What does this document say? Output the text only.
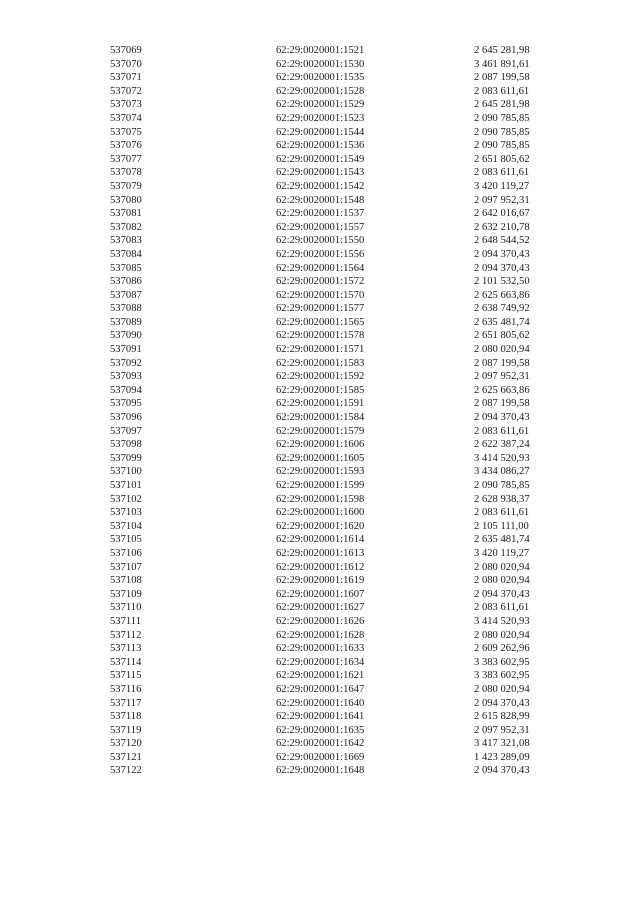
537069	62:29:0020001:1521	2 645 281,98
537070	62:29:0020001:1530	3 461 891,61
537071	62:29:0020001:1535	2 087 199,58
537072	62:29:0020001:1528	2 083 611,61
537073	62:29:0020001:1529	2 645 281,98
537074	62:29:0020001:1523	2 090 785,85
537075	62:29:0020001:1544	2 090 785,85
537076	62:29:0020001:1536	2 090 785,85
537077	62:29:0020001:1549	2 651 805,62
537078	62:29:0020001:1543	2 083 611,61
537079	62:29:0020001:1542	3 420 119,27
537080	62:29:0020001:1548	2 097 952,31
537081	62:29:0020001:1537	2 642 016,67
537082	62:29:0020001:1557	2 632 210,78
537083	62:29:0020001:1550	2 648 544,52
537084	62:29:0020001:1556	2 094 370,43
537085	62:29:0020001:1564	2 094 370,43
537086	62:29:0020001:1572	2 101 532,50
537087	62:29:0020001:1570	2 625 663,86
537088	62:29:0020001:1577	2 638 749,92
537089	62:29:0020001:1565	2 635 481,74
537090	62:29:0020001:1578	2 651 805,62
537091	62:29:0020001:1571	2 080 020,94
537092	62:29:0020001:1583	2 087 199,58
537093	62:29:0020001:1592	2 097 952,31
537094	62:29:0020001:1585	2 625 663,86
537095	62:29:0020001:1591	2 087 199,58
537096	62:29:0020001:1584	2 094 370,43
537097	62:29:0020001:1579	2 083 611,61
537098	62:29:0020001:1606	2 622 387,24
537099	62:29:0020001:1605	3 414 520,93
537100	62:29:0020001:1593	3 434 086,27
537101	62:29:0020001:1599	2 090 785,85
537102	62:29:0020001:1598	2 628 938,37
537103	62:29:0020001:1600	2 083 611,61
537104	62:29:0020001:1620	2 105 111,00
537105	62:29:0020001:1614	2 635 481,74
537106	62:29:0020001:1613	3 420 119,27
537107	62:29:0020001:1612	2 080 020,94
537108	62:29:0020001:1619	2 080 020,94
537109	62:29:0020001:1607	2 094 370,43
537110	62:29:0020001:1627	2 083 611,61
537111	62:29:0020001:1626	3 414 520,93
537112	62:29:0020001:1628	2 080 020,94
537113	62:29:0020001:1633	2 609 262,96
537114	62:29:0020001:1634	3 383 602,95
537115	62:29:0020001:1621	3 383 602,95
537116	62:29:0020001:1647	2 080 020,94
537117	62:29:0020001:1640	2 094 370,43
537118	62:29:0020001:1641	2 615 828,99
537119	62:29:0020001:1635	2 097 952,31
537120	62:29:0020001:1642	3 417 321,08
537121	62:29:0020001:1669	1 423 289,09
537122	62:29:0020001:1648	2 094 370,43
